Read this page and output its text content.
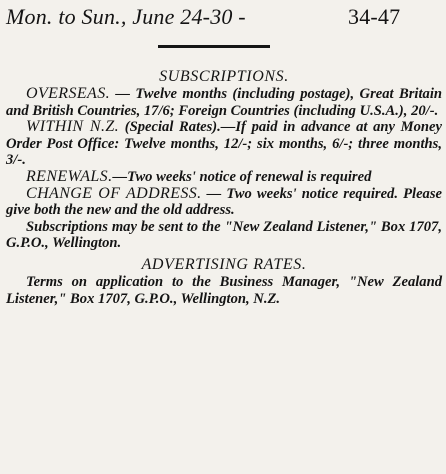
Mon. to Sun., June 24-30 -	34-47

SUBSCRIPTIONS.

OVERSEAS. — Twelve months (including postage), Great Britain and British Countries, 17/6; Foreign Countries (including U.S.A.), 20/-.

WITHIN N.Z. (Special Rates).—If paid in advance at any Money Order Post Office: Twelve months, 12/-; six months, 6/-; three months, 3/-.

RENEWALS.—Two weeks' notice of renewal is required

CHANGE OF ADDRESS. — Two weeks' notice required. Please give both the new and the old address.

Subscriptions may be sent to the "New Zealand Listener," Box 1707, G.P.O., Wellington.

ADVERTISING RATES.

Terms on application to the Business Manager, "New Zealand Listener," Box 1707, G.P.O., Wellington, N.Z.
